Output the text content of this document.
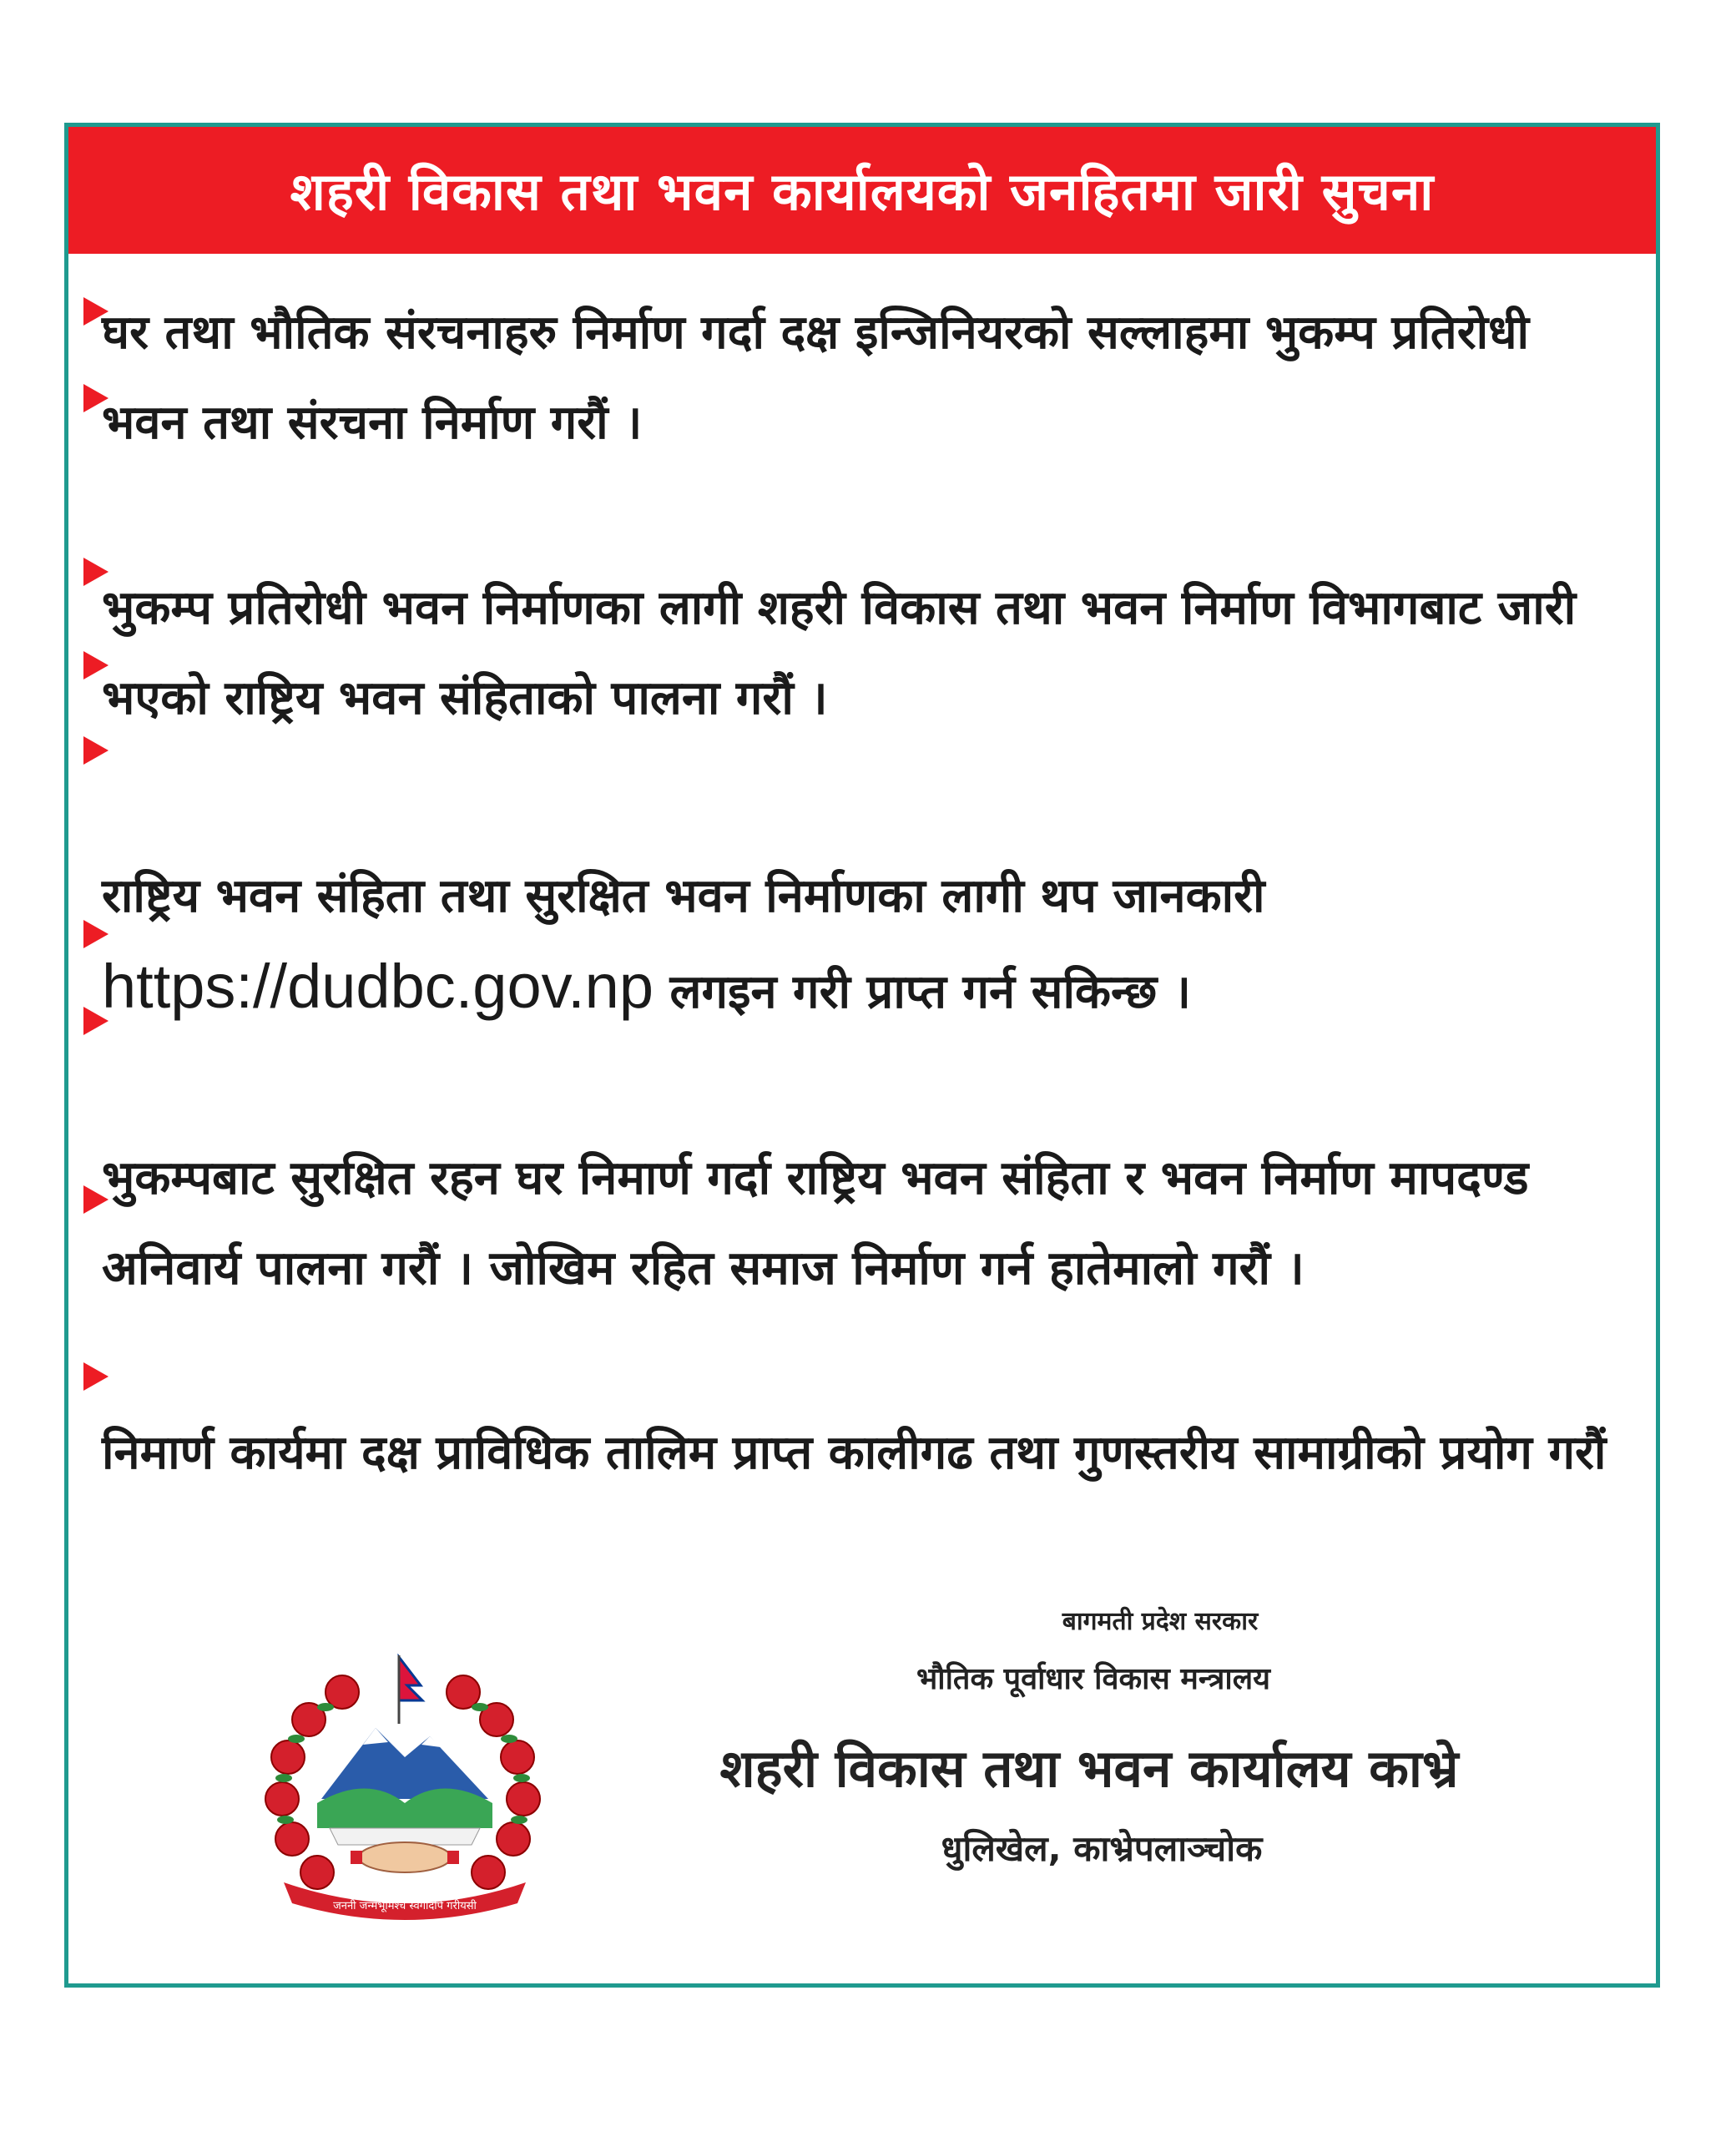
शहरी विकास तथा भवन कार्यालयको जनहितमा जारी सुचना
घर तथा भौतिक संरचनाहरु निर्माण गर्दा दक्ष इन्जिनियरको सल्लाहमा भुकम्प प्रतिरोधी भवन तथा संरचना निर्माण गरौं ।
भुकम्प प्रतिरोधी भवन निर्माणका लागी शहरी विकास तथा भवन निर्माण विभागबाट जारी भएको राष्ट्रिय भवन संहिताको पालना गरौं ।
राष्ट्रिय भवन संहिता तथा सुरक्षित भवन निर्माणका लागी थप जानकारी
https://dudbc.gov.np लगइन गरी प्राप्त गर्न सकिन्छ ।
भुकम्पबाट सुरक्षित रहन घर निमार्ण गर्दा राष्ट्रिय भवन संहिता र भवन निर्माण मापदण्ड अनिवार्य पालना गरौं । जोखिम रहित समाज निर्माण गर्न हातेमालो गरौं ।
निमार्ण कार्यमा दक्ष प्राविधिक तालिम प्राप्त कालीगढ तथा गुणस्तरीय सामाग्रीको प्रयोग गरौं
जननी जन्मभूमिश्च स्वर्गादपि गरीयसी
बागमती प्रदेश सरकार
भौतिक पूर्वाधार विकास मन्त्रालय
शहरी विकास तथा भवन कार्यालय काभ्रे
धुलिखेल, काभ्रेपलाञ्चोक
